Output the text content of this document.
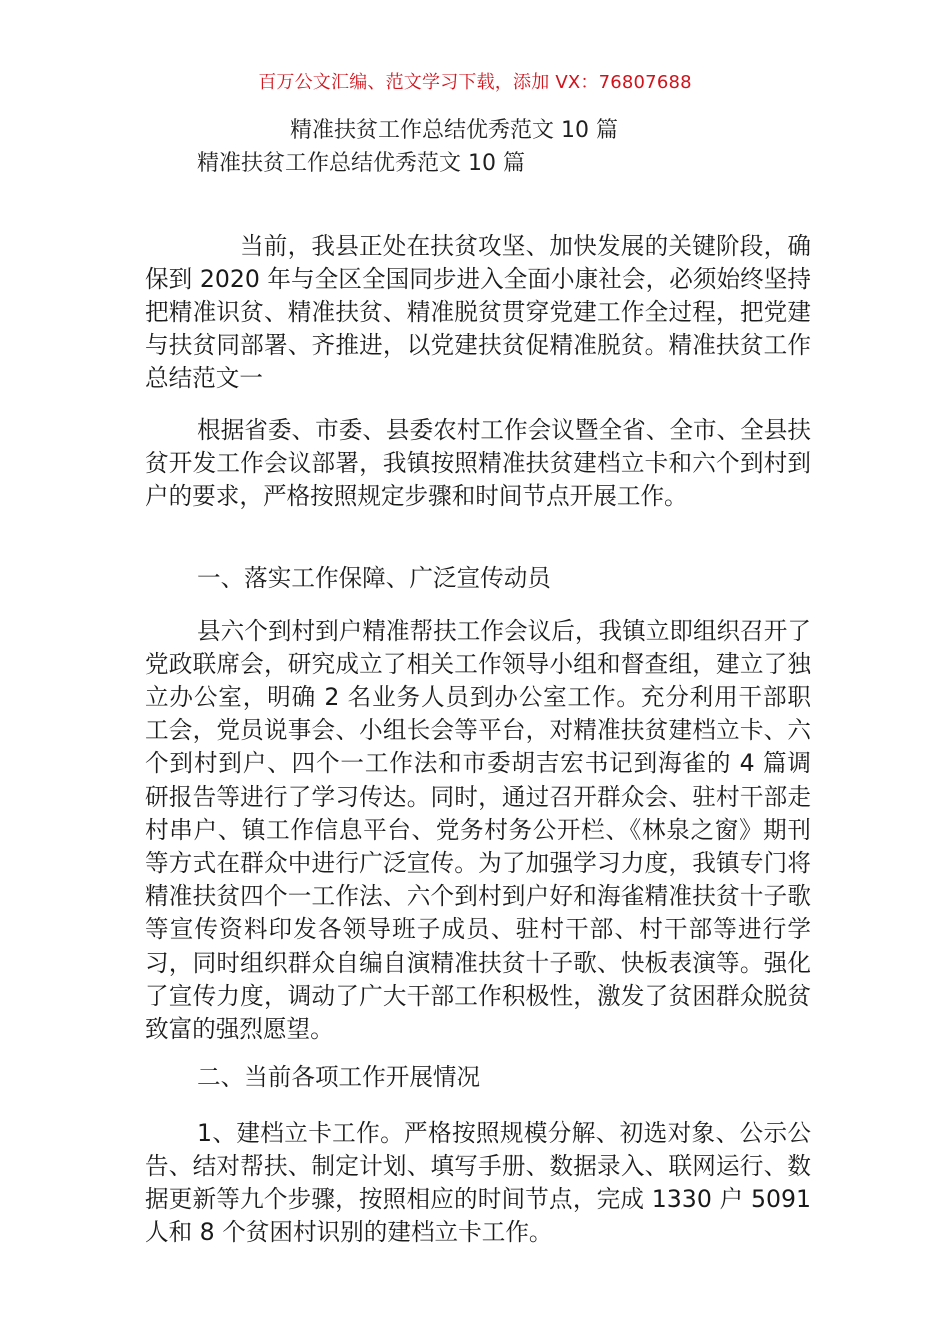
百万公文汇编、范文学习下载，添加 VX：76807688
精准扶贫工作总结优秀范文 10 篇
精准扶贫工作总结优秀范文 10 篇

当前，我县正处在扶贫攻坚、加快发展的关键阶段，确保到 2020 年与全区全国同步进入全面小康社会，必须始终坚持把精准识贫、精准扶贫、精准脱贫贯穿党建工作全过程，把党建与扶贫同部署、齐推进，以党建扶贫促精准脱贫。精准扶贫工作总结范文一

根据省委、市委、县委农村工作会议暨全省、全市、全县扶贫开发工作会议部署，我镇按照精准扶贫建档立卡和六个到村到户的要求，严格按照规定步骤和时间节点开展工作。

一、落实工作保障、广泛宣传动员

县六个到村到户精准帮扶工作会议后，我镇立即组织召开了党政联席会，研究成立了相关工作领导小组和督查组，建立了独立办公室，明确 2 名业务人员到办公室工作。充分利用干部职工会，党员说事会、小组长会等平台，对精准扶贫建档立卡、六个到村到户、四个一工作法和市委胡吉宏书记到海雀的 4 篇调研报告等进行了学习传达。同时，通过召开群众会、驻村干部走村串户、镇工作信息平台、党务村务公开栏、《林泉之窗》期刊等方式在群众中进行广泛宣传。为了加强学习力度，我镇专门将精准扶贫四个一工作法、六个到村到户好和海雀精准扶贫十子歌等宣传资料印发各领导班子成员、驻村干部、村干部等进行学习，同时组织群众自编自演精准扶贫十子歌、快板表演等。强化了宣传力度，调动了广大干部工作积极性，激发了贫困群众脱贫致富的强烈愿望。

二、当前各项工作开展情况

1、建档立卡工作。严格按照规模分解、初选对象、公示公告、结对帮扶、制定计划、填写手册、数据录入、联网运行、数据更新等九个步骤，按照相应的时间节点，完成 1330 户 5091 人和 8 个贫困村识别的建档立卡工作。
